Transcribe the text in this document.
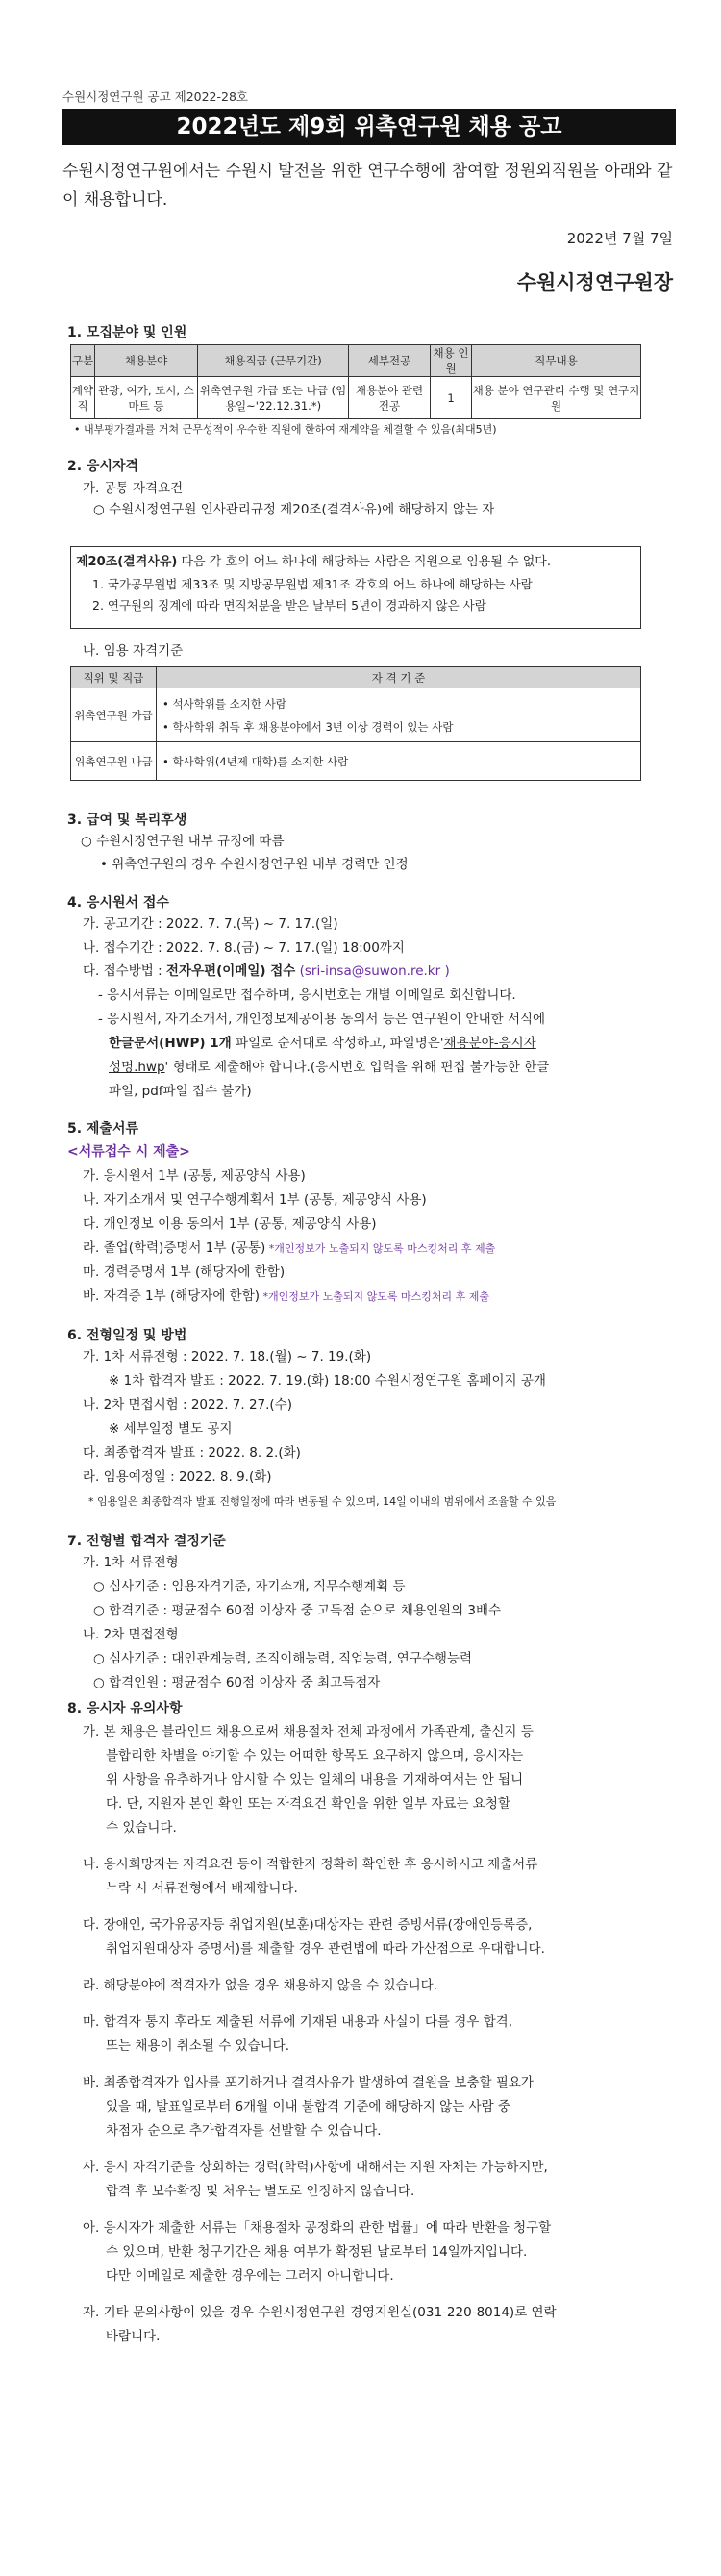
수원시정연구원 공고 제2022-28호
2022년도 제9회 위촉연구원 채용 공고
수원시정연구원에서는 수원시 발전을 위한 연구수행에 참여할 정원외직원을 아래와 같이 채용합니다.
2022년 7월 7일
수원시정연구원장
1. 모집분야 및 인원
구분	채용분야	채용직급 (근무기간)	세부전공	채용 인원	직무내용
계약직	관광, 여가, 도시, 스마트 등	위촉연구원 가급 또는 나급 (임용일~'22.12.31.*)	채용분야 관련 전공	1	채용 분야 연구관리 수행 및 연구지원
• 내부평가결과를 거쳐 근무성적이 우수한 직원에 한하여 재계약을 체결할 수 있음(최대5년)
2. 응시자격
가. 공통 자격요건
○ 수원시정연구원 인사관리규정 제20조(결격사유)에 해당하지 않는 자
제20조(결격사유) 다음 각 호의 어느 하나에 해당하는 사람은 직원으로 임용될 수 없다.
1. 국가공무원법 제33조 및 지방공무원법 제31조 각호의 어느 하나에 해당하는 사람
2. 연구원의 징계에 따라 면직처분을 받은 날부터 5년이 경과하지 않은 사람
나. 임용 자격기준
직위 및 직급	자 격 기 준
위촉연구원 가급	• 석사학위를 소지한 사람
• 학사학위 취득 후 채용분야에서 3년 이상 경력이 있는 사람

위촉연구원 나급	• 학사학위(4년제 대학)를 소지한 사람
3. 급여 및 복리후생
○ 수원시정연구원 내부 규정에 따름
• 위촉연구원의 경우 수원시정연구원 내부 경력만 인정
4. 응시원서 접수
가. 공고기간 : 2022. 7. 7.(목) ~ 7. 17.(일)
나. 접수기간 : 2022. 7. 8.(금) ~ 7. 17.(일) 18:00까지
다. 접수방법 : 전자우편(이메일) 접수 (sri-insa@suwon.re.kr )
- 응시서류는 이메일로만 접수하며, 응시번호는 개별 이메일로 회신합니다.
- 응시원서, 자기소개서, 개인정보제공이용 동의서 등은 연구원이 안내한 서식에
한글문서(HWP) 1개 파일로 순서대로 작성하고, 파일명은'채용분야-응시자
성명.hwp' 형태로 제출해야 합니다.(응시번호 입력을 위해 편집 불가능한 한글
파일, pdf파일 접수 불가)
5. 제출서류
<서류접수 시 제출>
가. 응시원서 1부 (공통, 제공양식 사용)
나. 자기소개서 및 연구수행계획서 1부 (공통, 제공양식 사용)
다. 개인정보 이용 동의서 1부 (공통, 제공양식 사용)
라. 졸업(학력)증명서 1부 (공통) *개인정보가 노출되지 않도록 마스킹처리 후 제출
마. 경력증명서 1부 (해당자에 한함)
바. 자격증 1부 (해당자에 한함) *개인정보가 노출되지 않도록 마스킹처리 후 제출
6. 전형일정 및 방법
가. 1차 서류전형 : 2022. 7. 18.(월) ~ 7. 19.(화)
※ 1차 합격자 발표 : 2022. 7. 19.(화) 18:00 수원시정연구원 홈페이지 공개
나. 2차 면접시험 : 2022. 7. 27.(수)
※ 세부일정 별도 공지
다. 최종합격자 발표 : 2022. 8. 2.(화)
라. 임용예정일 : 2022. 8. 9.(화)
* 임용일은 최종합격자 발표 진행일정에 따라 변동될 수 있으며, 14일 이내의 범위에서 조율할 수 있음
7. 전형별 합격자 결정기준
가. 1차 서류전형
○ 심사기준 : 임용자격기준, 자기소개, 직무수행계획 등
○ 합격기준 : 평균점수 60점 이상자 중 고득점 순으로 채용인원의 3배수
나. 2차 면접전형
○ 심사기준 : 대인관계능력, 조직이해능력, 직업능력, 연구수행능력
○ 합격인원 : 평균점수 60점 이상자 중 최고득점자
8. 응시자 유의사항
가. 본 채용은 블라인드 채용으로써 채용절차 전체 과정에서 가족관계, 출신지 등
불합리한 차별을 야기할 수 있는 어떠한 항목도 요구하지 않으며, 응시자는
위 사항을 유추하거나 암시할 수 있는 일체의 내용을 기재하여서는 안 됩니
다. 단, 지원자 본인 확인 또는 자격요건 확인을 위한 일부 자료는 요청할
수 있습니다.
나. 응시희망자는 자격요건 등이 적합한지 정확히 확인한 후 응시하시고 제출서류
누락 시 서류전형에서 배제합니다.
다. 장애인, 국가유공자등 취업지원(보훈)대상자는 관련 증빙서류(장애인등록증,
취업지원대상자 증명서)를 제출할 경우 관련법에 따라 가산점으로 우대합니다.
라. 해당분야에 적격자가 없을 경우 채용하지 않을 수 있습니다.
마. 합격자 통지 후라도 제출된 서류에 기재된 내용과 사실이 다를 경우 합격,
또는 채용이 취소될 수 있습니다.
바. 최종합격자가 입사를 포기하거나 결격사유가 발생하여 결원을 보충할 필요가
있을 때, 발표일로부터 6개월 이내 불합격 기준에 해당하지 않는 사람 중
차점자 순으로 추가합격자를 선발할 수 있습니다.
사. 응시 자격기준을 상회하는 경력(학력)사항에 대해서는 지원 자체는 가능하지만,
합격 후 보수확정 및 처우는 별도로 인정하지 않습니다.
아. 응시자가 제출한 서류는「채용절차 공정화의 관한 법률」에 따라 반환을 청구할
수 있으며, 반환 청구기간은 채용 여부가 확정된 날로부터 14일까지입니다.
다만 이메일로 제출한 경우에는 그러지 아니합니다.
자. 기타 문의사항이 있을 경우 수원시정연구원 경영지원실(031-220-8014)로 연락
바랍니다.
